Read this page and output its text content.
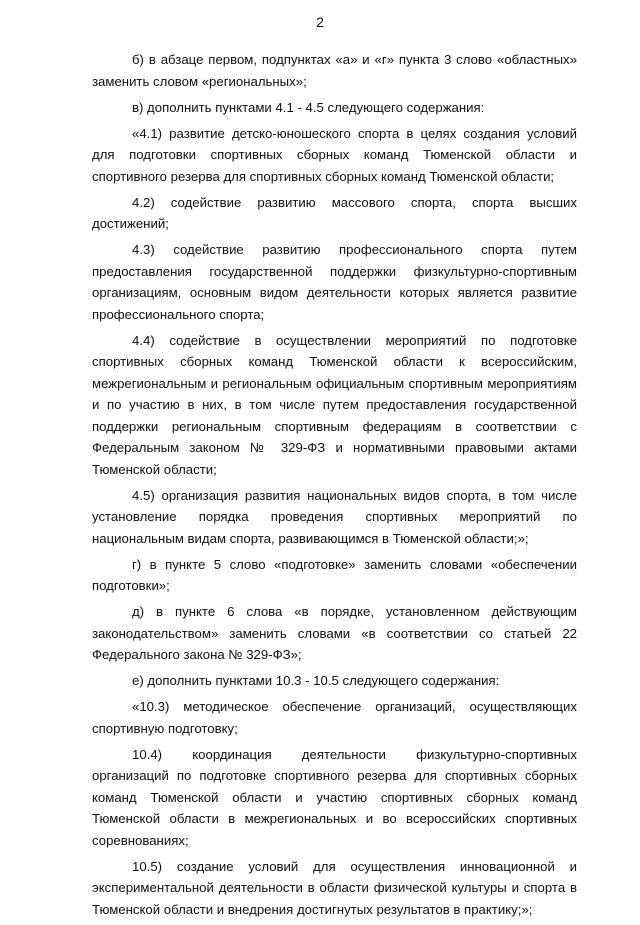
2

б) в абзаце первом, подпунктах «а» и «г» пункта 3 слово «областных» заменить словом «региональных»;

в) дополнить пунктами 4.1 - 4.5 следующего содержания:

«4.1) развитие детско-юношеского спорта в целях создания условий для подготовки спортивных сборных команд Тюменской области и спортивного резерва для спортивных сборных команд Тюменской области;

4.2) содействие развитию массового спорта, спорта высших достижений;

4.3) содействие развитию профессионального спорта путем предоставления государственной поддержки физкультурно-спортивным организациям, основным видом деятельности которых является развитие профессионального спорта;

4.4) содействие в осуществлении мероприятий по подготовке спортивных сборных команд Тюменской области к всероссийским, межрегиональным и региональным официальным спортивным мероприятиям и по участию в них, в том числе путем предоставления государственной поддержки региональным спортивным федерациям в соответствии с Федеральным законом № 329-ФЗ и нормативными правовыми актами Тюменской области;

4.5) организация развития национальных видов спорта, в том числе установление порядка проведения спортивных мероприятий по национальным видам спорта, развивающимся в Тюменской области;»;

г) в пункте 5 слово «подготовке» заменить словами «обеспечении подготовки»;

д) в пункте 6 слова «в порядке, установленном действующим законодательством» заменить словами «в соответствии со статьей 22 Федерального закона № 329-ФЗ»;

е) дополнить пунктами 10.3 - 10.5 следующего содержания:

«10.3) методическое обеспечение организаций, осуществляющих спортивную подготовку;

10.4) координация деятельности физкультурно-спортивных организаций по подготовке спортивного резерва для спортивных сборных команд Тюменской области и участию спортивных сборных команд Тюменской области в межрегиональных и во всероссийских спортивных соревнованиях;

10.5) создание условий для осуществления инновационной и экспериментальной деятельности в области физической культуры и спорта в Тюменской области и внедрения достигнутых результатов в практику;»;
